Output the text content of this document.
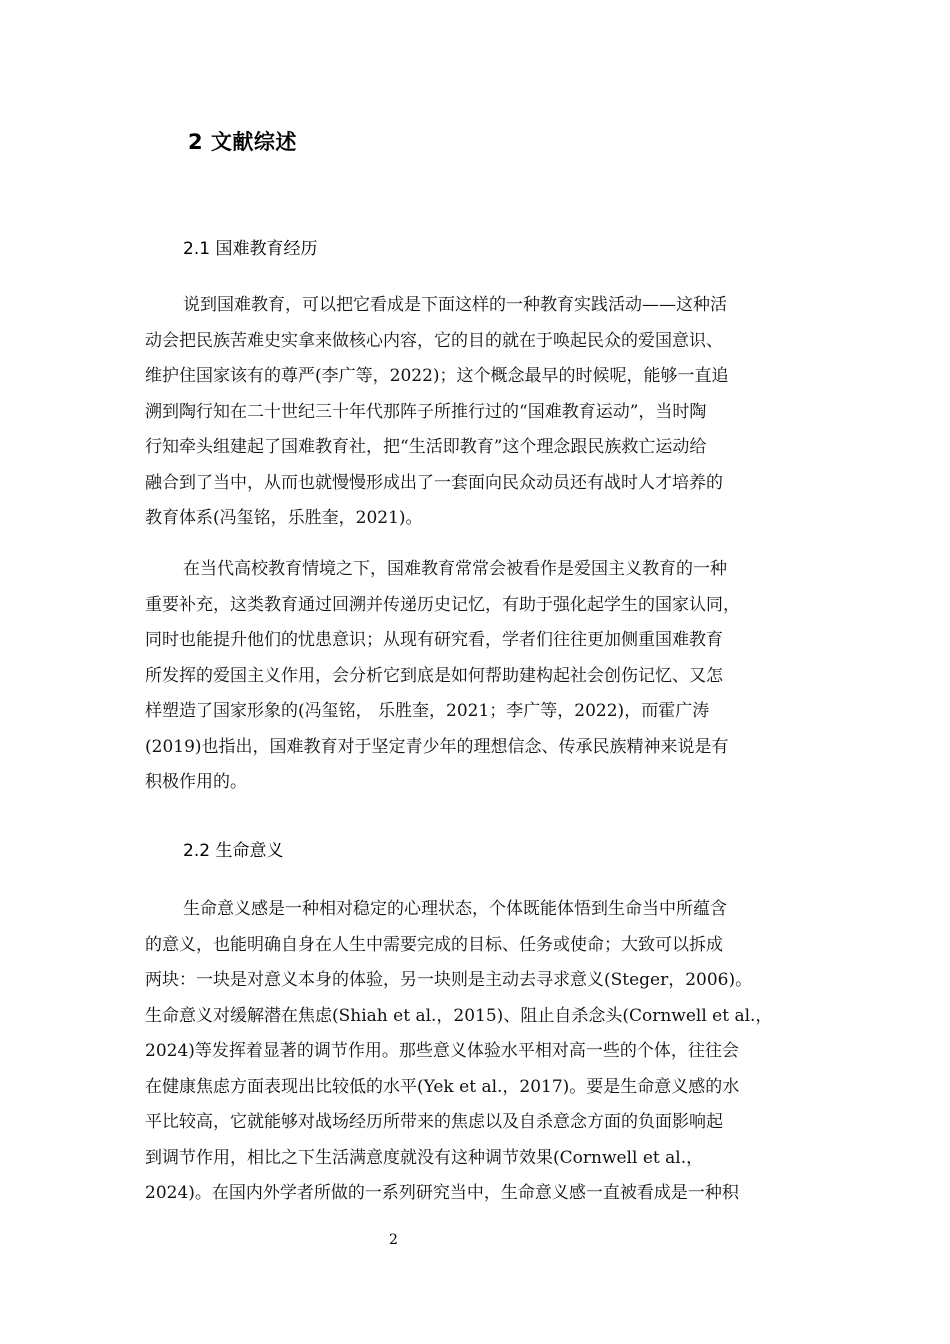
2 文献综述
2.1 国难教育经历
说到国难教育，可以把它看成是下面这样的一种教育实践活动——这种活
动会把民族苦难史实拿来做核心内容，它的目的就在于唤起民众的爱国意识、
维护住国家该有的尊严(李广等，2022)；这个概念最早的时候呢，能够一直追
溯到陶行知在二十世纪三十年代那阵子所推行过的“国难教育运动”，当时陶
行知牵头组建起了国难教育社，把“生活即教育”这个理念跟民族救亡运动给
融合到了当中，从而也就慢慢形成出了一套面向民众动员还有战时人才培养的
教育体系(冯玺铭，乐胜奎，2021)。
在当代高校教育情境之下，国难教育常常会被看作是爱国主义教育的一种
重要补充，这类教育通过回溯并传递历史记忆，有助于强化起学生的国家认同，
同时也能提升他们的忧患意识；从现有研究看，学者们往往更加侧重国难教育
所发挥的爱国主义作用，会分析它到底是如何帮助建构起社会创伤记忆、又怎
样塑造了国家形象的(冯玺铭， 乐胜奎，2021；李广等，2022)，而霍广涛
(2019)也指出，国难教育对于坚定青少年的理想信念、传承民族精神来说是有
积极作用的。
2.2 生命意义
生命意义感是一种相对稳定的心理状态，个体既能体悟到生命当中所蕴含
的意义，也能明确自身在人生中需要完成的目标、任务或使命；大致可以拆成
两块：一块是对意义本身的体验，另一块则是主动去寻求意义(Steger，2006)。
生命意义对缓解潜在焦虑(Shiah et al.，2015)、阻止自杀念头(Cornwell et al.，
2024)等发挥着显著的调节作用。那些意义体验水平相对高一些的个体，往往会
在健康焦虑方面表现出比较低的水平(Yek et al.，2017)。要是生命意义感的水
平比较高，它就能够对战场经历所带来的焦虑以及自杀意念方面的负面影响起
到调节作用，相比之下生活满意度就没有这种调节效果(Cornwell et al.，
2024)。在国内外学者所做的一系列研究当中，生命意义感一直被看成是一种积
2
